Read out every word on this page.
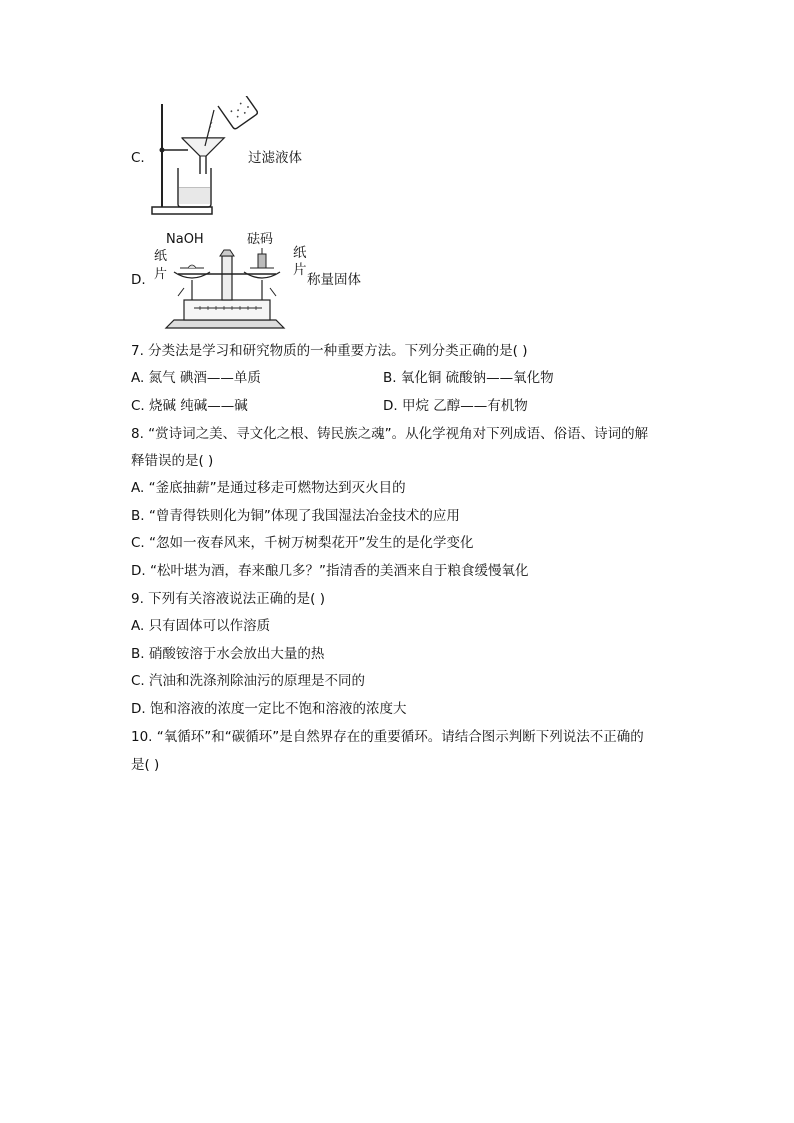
C.	过滤液体
D.
NaOH	砝码
纸
片
纸
片
称量固体
7. 分类法是学习和研究物质的一种重要方法。下列分类正确的是( )
A. 氮气 碘酒——单质	B. 氧化铜 硫酸钠——氧化物
C. 烧碱 纯碱——碱	D. 甲烷 乙醇——有机物
8. “赏诗词之美、寻文化之根、铸民族之魂”。从化学视角对下列成语、俗语、诗词的解
释错误的是( )
A. “釜底抽薪”是通过移走可燃物达到灭火目的
B. “曾青得铁则化为铜”体现了我国湿法冶金技术的应用
C. “忽如一夜春风来，千树万树梨花开”发生的是化学变化
D. “松叶堪为酒，春来酿几多？”指清香的美酒来自于粮食缓慢氧化
9. 下列有关溶液说法正确的是( )
A. 只有固体可以作溶质
B. 硝酸铵溶于水会放出大量的热
C. 汽油和洗涤剂除油污的原理是不同的
D. 饱和溶液的浓度一定比不饱和溶液的浓度大
10. “氧循环”和“碳循环”是自然界存在的重要循环。请结合图示判断下列说法不正确的
是( )
